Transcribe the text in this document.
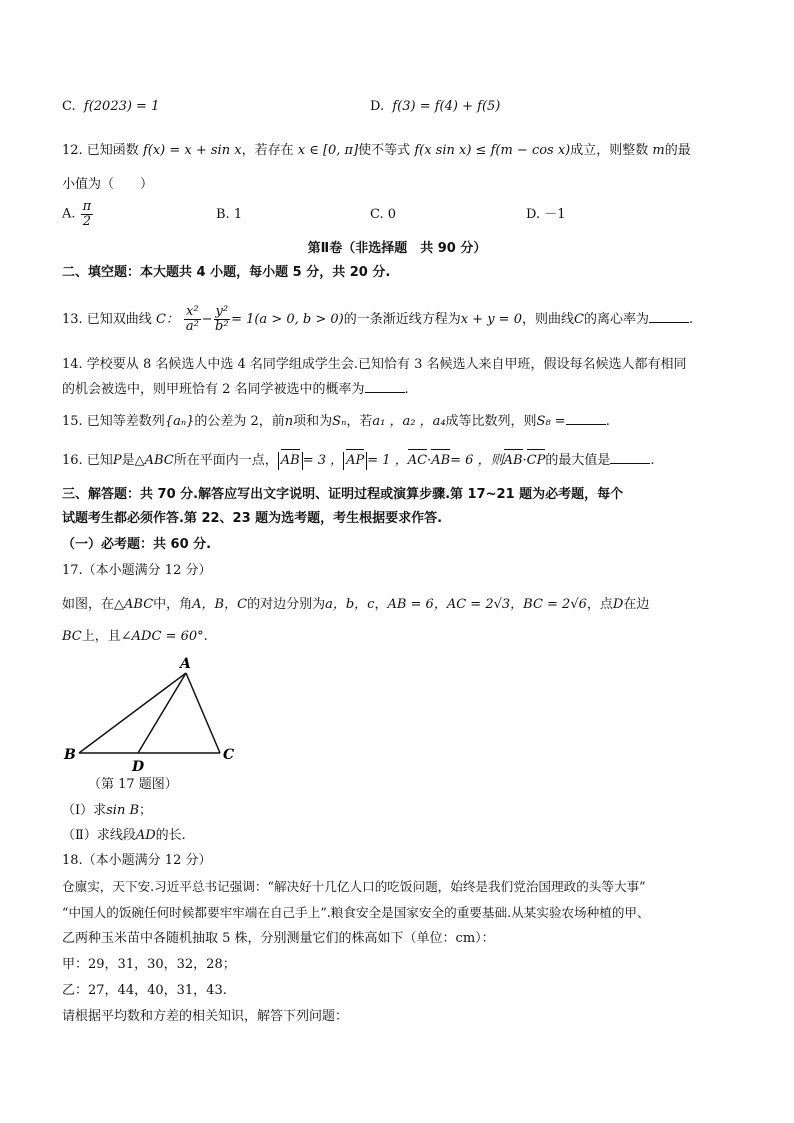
C. f(2023) = 1	D. f(3) = f(4) + f(5)
12. 已知函数 f(x) = x + sin x，若存在 x ∈ [0, π]使不等式 f(x sin x) ≤ f(m − cos x)成立，则整数 m的最
小值为（　　）
A. $\frac{\pi}{2}$	B. 1	C. 0	D. －1
第Ⅱ卷（非选择题　共 90 分）
二、填空题：本大题共 4 小题，每小题 5 分，共 20 分.
13. 已知双曲线 C： $\frac{\text{x²}}{\text{a²}} - \frac{\text{y²}}{\text{b²}} = 1(a > 0$, b > 0)的一条渐近线方程为x + y = 0，则曲线C的离心率为	.
14. 学校要从 8 名候选人中选 4 名同学组成学生会.已知恰有 3 名候选人来自甲班，假设每名候选人都有相同
的机会被选中，则甲班恰有 2 名同学被选中的概率为	.
15. 已知等差数列{aₙ}的公差为 2，前n项和为Sₙ，若a₁ ，a₂ ，a₄成等比数列，则S₈ =	.
16. 已知P是△ABC所在平面内一点， AB = 3 ， AP = 1 ，AC·AB= 6 ，则AB·CP的最大值是	.
三、解答题：共 70 分.解答应写出文字说明、证明过程或演算步骤.第 17~21 题为必考题，每个
试题考生都必须作答.第 22、23 题为选考题，考生根据要求作答.
（一）必考题：共 60 分.
17.（本小题满分 12 分）
如图，在△ABC中，角A，B，C的对边分别为a，b，c，AB = 6，AC = 2√3，BC = 2√6，点D在边
BC上，且∠ADC = 60°.
A
B	C
D
（第 17 题图）
（Ⅰ）求sin B；
（Ⅱ）求线段AD的长.
18.（本小题满分 12 分）
仓廪实，天下安.习近平总书记强调：“解决好十几亿人口的吃饭问题，始终是我们党治国理政的头等大事”
“中国人的饭碗任何时候都要牢牢端在自己手上”.粮食安全是国家安全的重要基础.从某实验农场种植的甲、
乙两种玉米苗中各随机抽取 5 株，分别测量它们的株高如下（单位：cm）：
甲：29，31，30，32，28；
乙：27，44，40，31，43.
请根据平均数和方差的相关知识，解答下列问题：
